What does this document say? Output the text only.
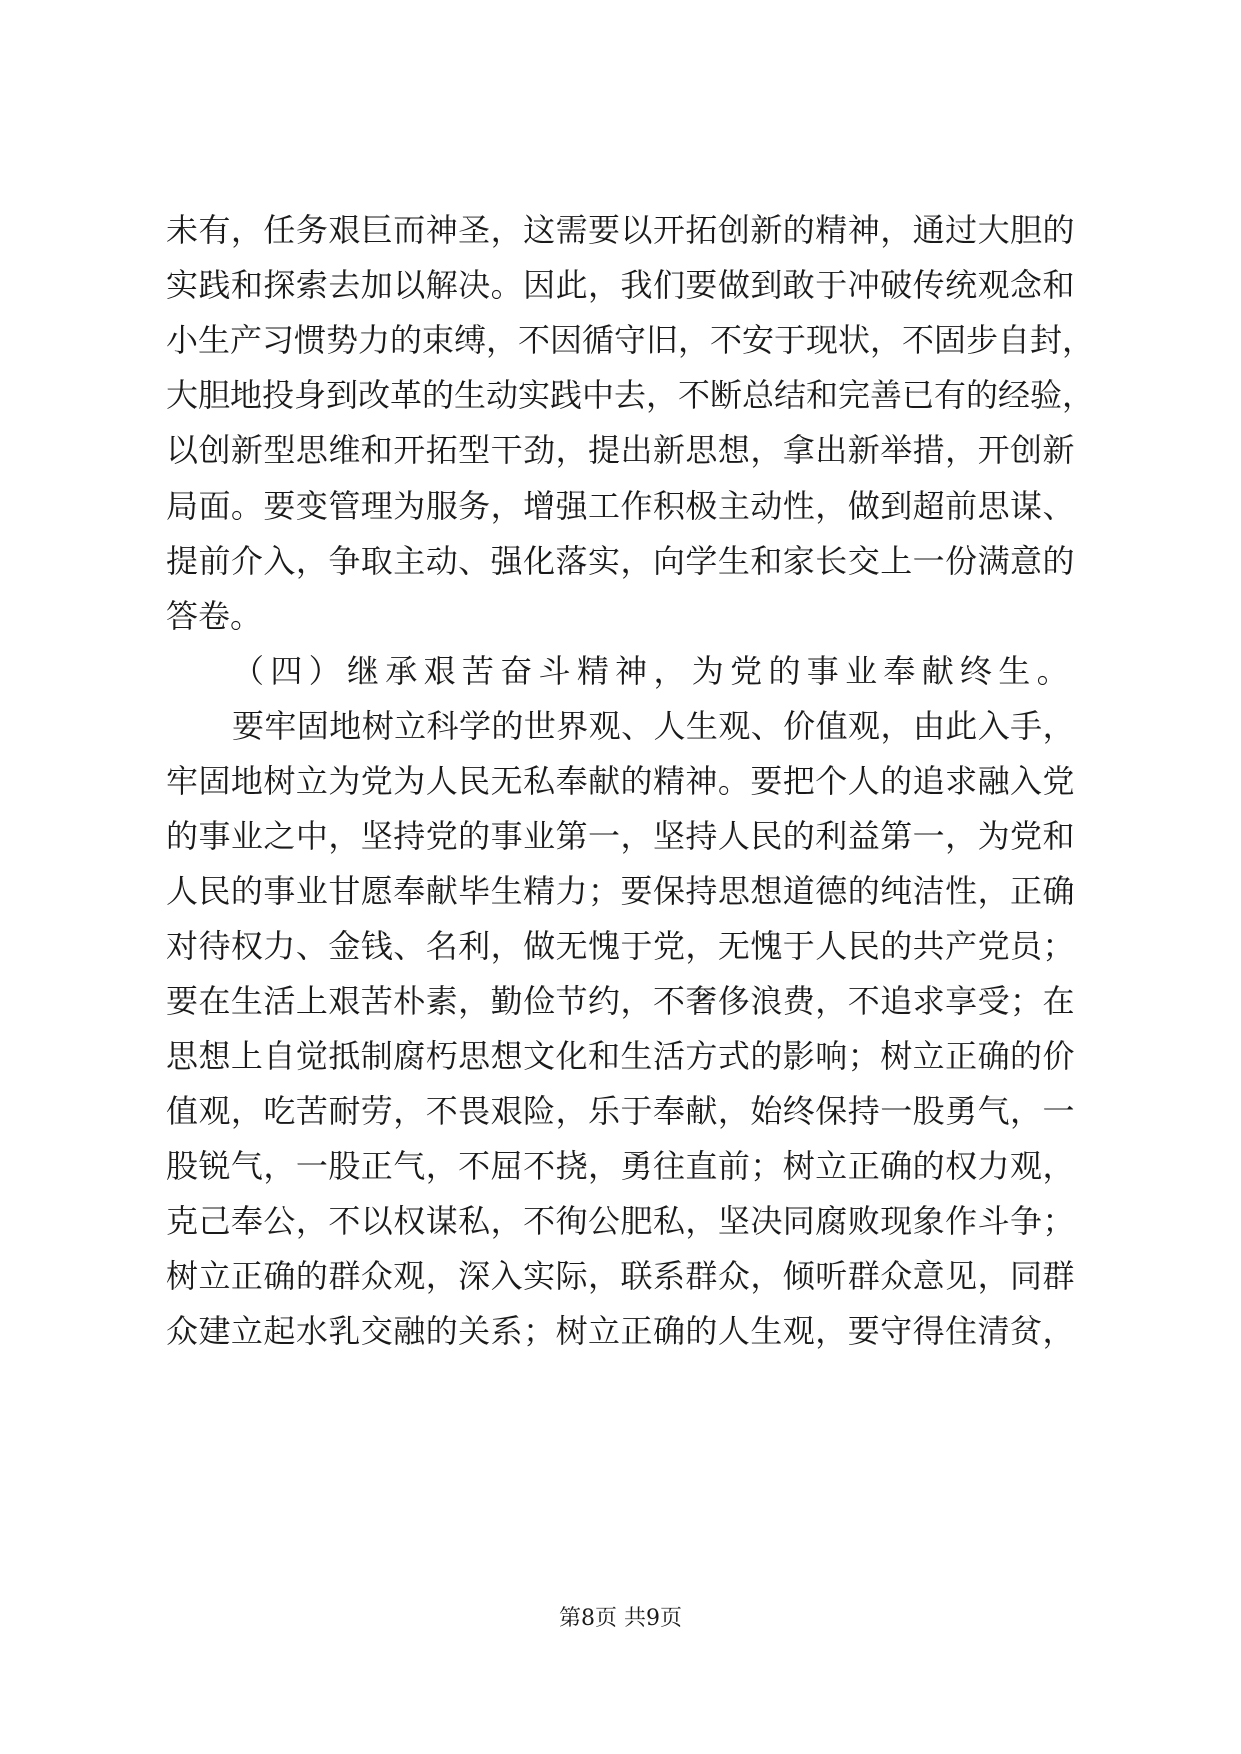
未有，任务艰巨而神圣，这需要以开拓创新的精神，通过大胆的
实践和探索去加以解决。因此，我们要做到敢于冲破传统观念和
小生产习惯势力的束缚，不因循守旧，不安于现状，不固步自封，
大胆地投身到改革的生动实践中去，不断总结和完善已有的经验，
以创新型思维和开拓型干劲，提出新思想，拿出新举措，开创新
局面。要变管理为服务，增强工作积极主动性，做到超前思谋、
提前介入，争取主动、强化落实，向学生和家长交上一份满意的
答卷。
（四）继承艰苦奋斗精神，为党的事业奉献终生。
要牢固地树立科学的世界观、人生观、价值观，由此入手，
牢固地树立为党为人民无私奉献的精神。要把个人的追求融入党
的事业之中，坚持党的事业第一，坚持人民的利益第一，为党和
人民的事业甘愿奉献毕生精力；要保持思想道德的纯洁性，正确
对待权力、金钱、名利，做无愧于党，无愧于人民的共产党员；
要在生活上艰苦朴素，勤俭节约，不奢侈浪费，不追求享受；在
思想上自觉抵制腐朽思想文化和生活方式的影响；树立正确的价
值观，吃苦耐劳，不畏艰险，乐于奉献，始终保持一股勇气，一
股锐气，一股正气，不屈不挠，勇往直前；树立正确的权力观，
克己奉公，不以权谋私，不徇公肥私，坚决同腐败现象作斗争；
树立正确的群众观，深入实际，联系群众，倾听群众意见，同群
众建立起水乳交融的关系；树立正确的人生观，要守得住清贫，
第8页 共9页
